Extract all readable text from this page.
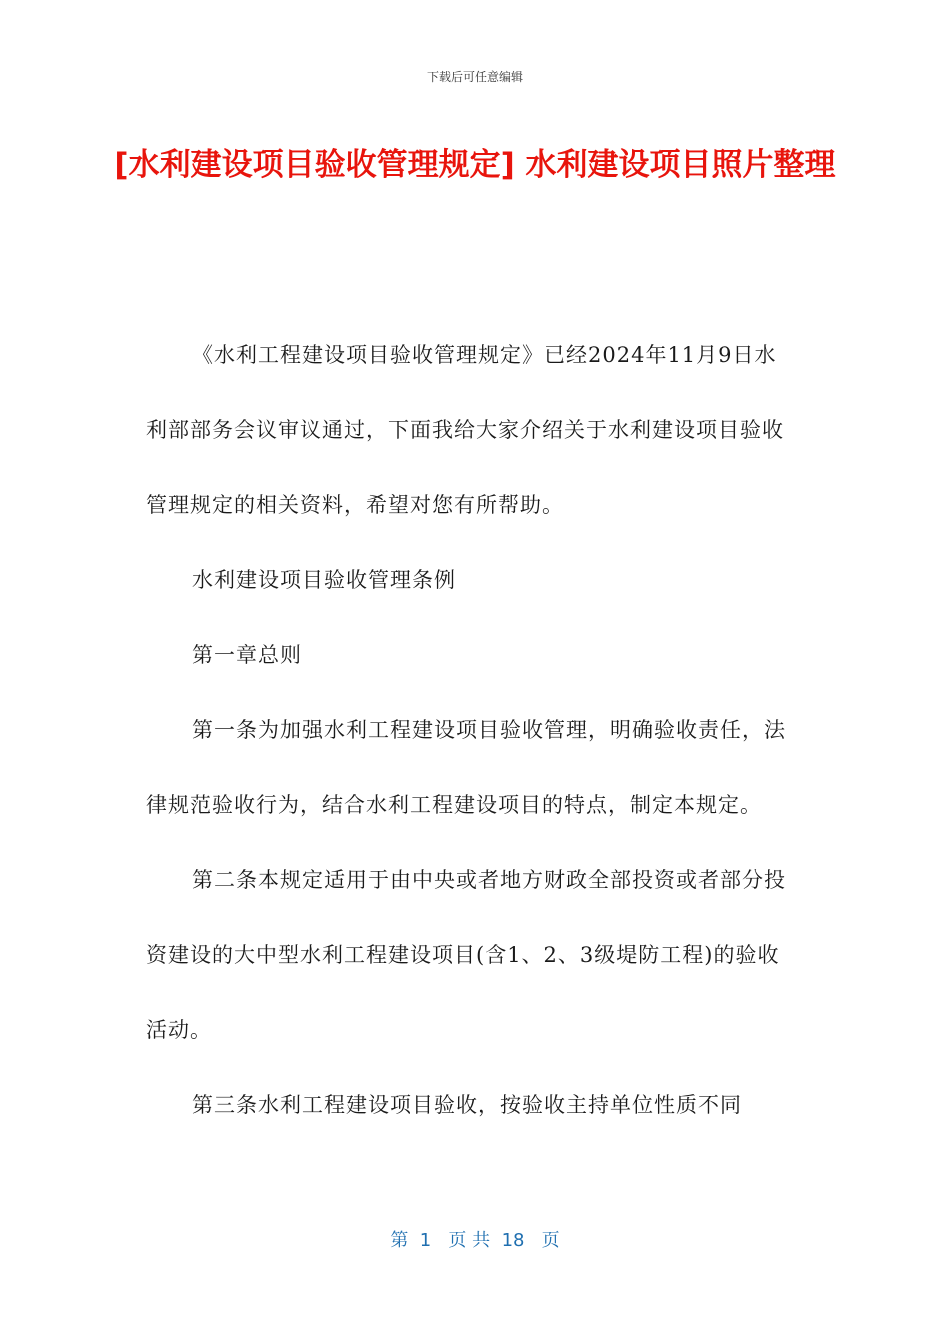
下载后可任意编辑
[水利建设项目验收管理规定] 水利建设项目照片整理

《水利工程建设项目验收管理规定》已经2024年11月9日水利部部务会议审议通过，下面我给大家介绍关于水利建设项目验收管理规定的相关资料，希望对您有所帮助。

水利建设项目验收管理条例

第一章总则

第一条为加强水利工程建设项目验收管理，明确验收责任，法律规范验收行为，结合水利工程建设项目的特点，制定本规定。

第二条本规定适用于由中央或者地方财政全部投资或者部分投资建设的大中型水利工程建设项目(含1、2、3级堤防工程)的验收活动。

第三条水利工程建设项目验收，按验收主持单位性质不同

第  1   页 共  18   页
